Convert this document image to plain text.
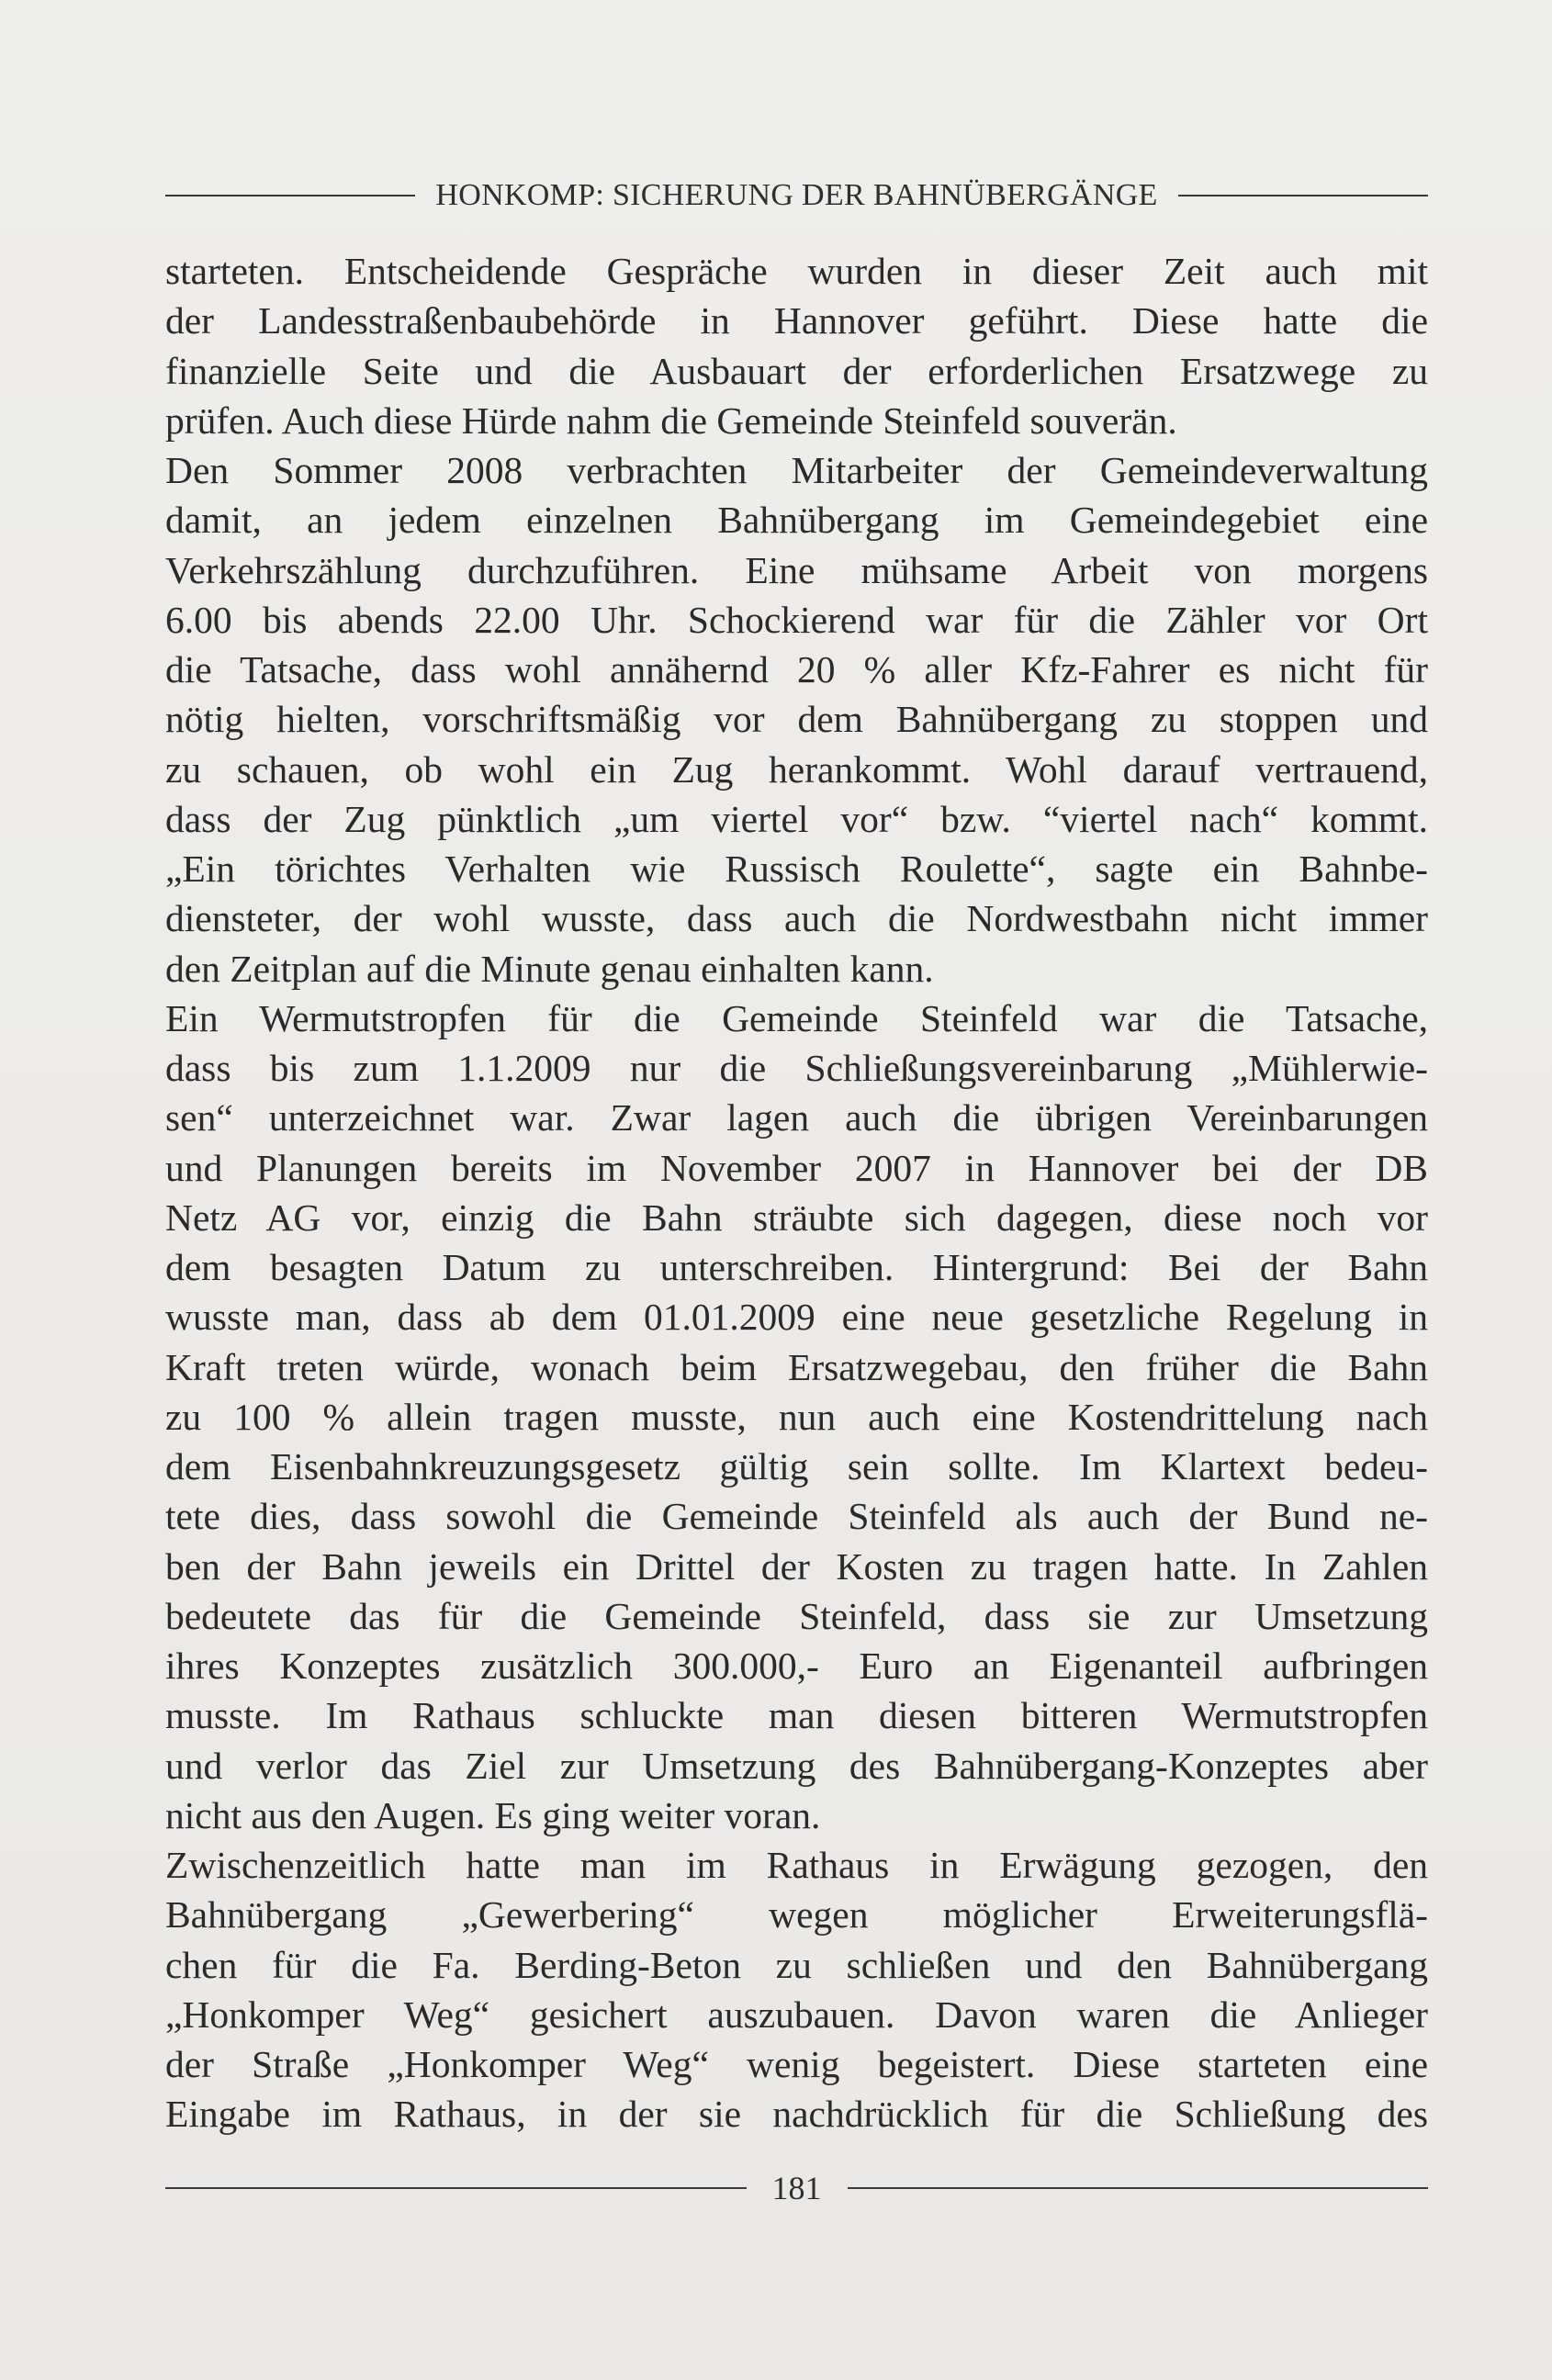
HONKOMP: SICHERUNG DER BAHNÜBERGÄNGE
starteten. Entscheidende Gespräche wurden in dieser Zeit auch mit
der Landesstraßenbaubehörde in Hannover geführt. Diese hatte die
finanzielle Seite und die Ausbauart der erforderlichen Ersatzwege zu
prüfen. Auch diese Hürde nahm die Gemeinde Steinfeld souverän.
Den Sommer 2008 verbrachten Mitarbeiter der Gemeindeverwaltung
damit, an jedem einzelnen Bahnübergang im Gemeindegebiet eine
Verkehrszählung durchzuführen. Eine mühsame Arbeit von morgens
6.00 bis abends 22.00 Uhr. Schockierend war für die Zähler vor Ort
die Tatsache, dass wohl annähernd 20 % aller Kfz-Fahrer es nicht für
nötig hielten, vorschriftsmäßig vor dem Bahnübergang zu stoppen und
zu schauen, ob wohl ein Zug herankommt. Wohl darauf vertrauend,
dass der Zug pünktlich „um viertel vor“ bzw. “viertel nach“ kommt.
„Ein törichtes Verhalten wie Russisch Roulette“, sagte ein Bahnbe-
diensteter, der wohl wusste, dass auch die Nordwestbahn nicht immer
den Zeitplan auf die Minute genau einhalten kann.
Ein Wermutstropfen für die Gemeinde Steinfeld war die Tatsache,
dass bis zum 1.1.2009 nur die Schließungsvereinbarung „Mühlerwie-
sen“ unterzeichnet war. Zwar lagen auch die übrigen Vereinbarungen
und Planungen bereits im November 2007 in Hannover bei der DB
Netz AG vor, einzig die Bahn sträubte sich dagegen, diese noch vor
dem besagten Datum zu unterschreiben. Hintergrund: Bei der Bahn
wusste man, dass ab dem 01.01.2009 eine neue gesetzliche Regelung in
Kraft treten würde, wonach beim Ersatzwegebau, den früher die Bahn
zu 100 % allein tragen musste, nun auch eine Kostendrittelung nach
dem Eisenbahnkreuzungsgesetz gültig sein sollte. Im Klartext bedeu-
tete dies, dass sowohl die Gemeinde Steinfeld als auch der Bund ne-
ben der Bahn jeweils ein Drittel der Kosten zu tragen hatte. In Zahlen
bedeutete das für die Gemeinde Steinfeld, dass sie zur Umsetzung
ihres Konzeptes zusätzlich 300.000,- Euro an Eigenanteil aufbringen
musste. Im Rathaus schluckte man diesen bitteren Wermutstropfen
und verlor das Ziel zur Umsetzung des Bahnübergang-Konzeptes aber
nicht aus den Augen. Es ging weiter voran.
Zwischenzeitlich hatte man im Rathaus in Erwägung gezogen, den
Bahnübergang „Gewerbering“ wegen möglicher Erweiterungsflä-
chen für die Fa. Berding-Beton zu schließen und den Bahnübergang
„Honkomper Weg“ gesichert auszubauen. Davon waren die Anlieger
der Straße „Honkomper Weg“ wenig begeistert. Diese starteten eine
Eingabe im Rathaus, in der sie nachdrücklich für die Schließung des
181
